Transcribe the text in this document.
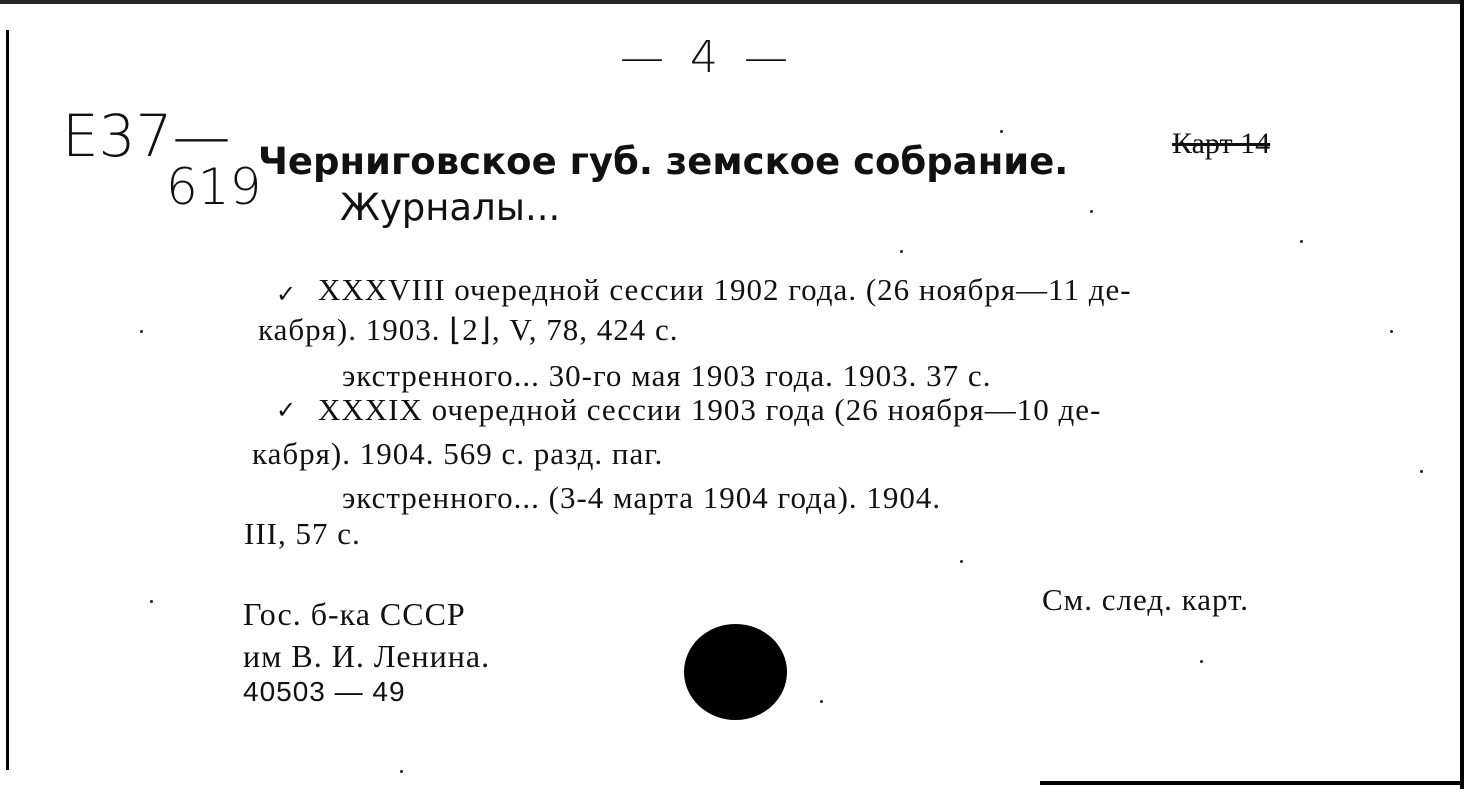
— 4 —
E37—
619
Карт 14
Черниговское губ. земское собрание.
Журналы...
✓ XXXVIII очередной сессии 1902 года. (26 ноября—11 де-
кабря). 1903. ⌊2⌋, V, 78, 424 с.
экстренного... 30-го мая 1903 года. 1903. 37 с.
✓ XXXIX очередной сессии 1903 года (26 ноября—10 де-
кабря). 1904. 569 с. разд. паг.
экстренного... (3-4 марта 1904 года). 1904.
III, 57 с.
Гос. б-ка СССР
им В. И. Ленина.
40503 — 49
См. след. карт.
